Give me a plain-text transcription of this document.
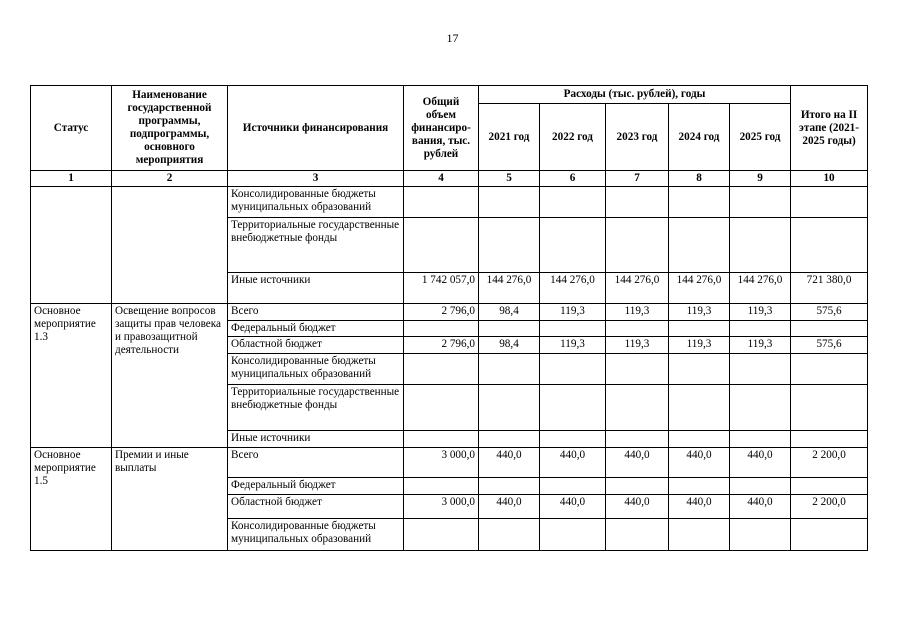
17
Статус	Наименование государственной программы, подпрограммы, основного мероприятия	Источники финансирования	Общий объем финансиро-вания, тыс. рублей	Расходы (тыс. рублей), годы					Итого на II этапе (2021-2025 годы)
				2021 год	2022 год	2023 год	2024 год	2025 год	
1	2	3	4	5	6	7	8	9	10
		Консолидированные бюджеты муниципальных образований							
		Территориальные государственные внебюджетные фонды							
		Иные источники	1 742 057,0	144 276,0	144 276,0	144 276,0	144 276,0	144 276,0	721 380,0
Основное мероприятие 1.3	Освещение вопросов защиты прав человека и правозащитной деятельности	Всего	2 796,0	98,4	119,3	119,3	119,3	119,3	575,6
		Федеральный бюджет							
		Областной бюджет	2 796,0	98,4	119,3	119,3	119,3	119,3	575,6
		Консолидированные бюджеты муниципальных образований							
		Территориальные государственные внебюджетные фонды							
		Иные источники							
Основное мероприятие 1.5	Премии и иные выплаты	Всего	3 000,0	440,0	440,0	440,0	440,0	440,0	2 200,0
		Федеральный бюджет							
		Областной бюджет	3 000,0	440,0	440,0	440,0	440,0	440,0	2 200,0
		Консолидированные бюджеты муниципальных образований							
